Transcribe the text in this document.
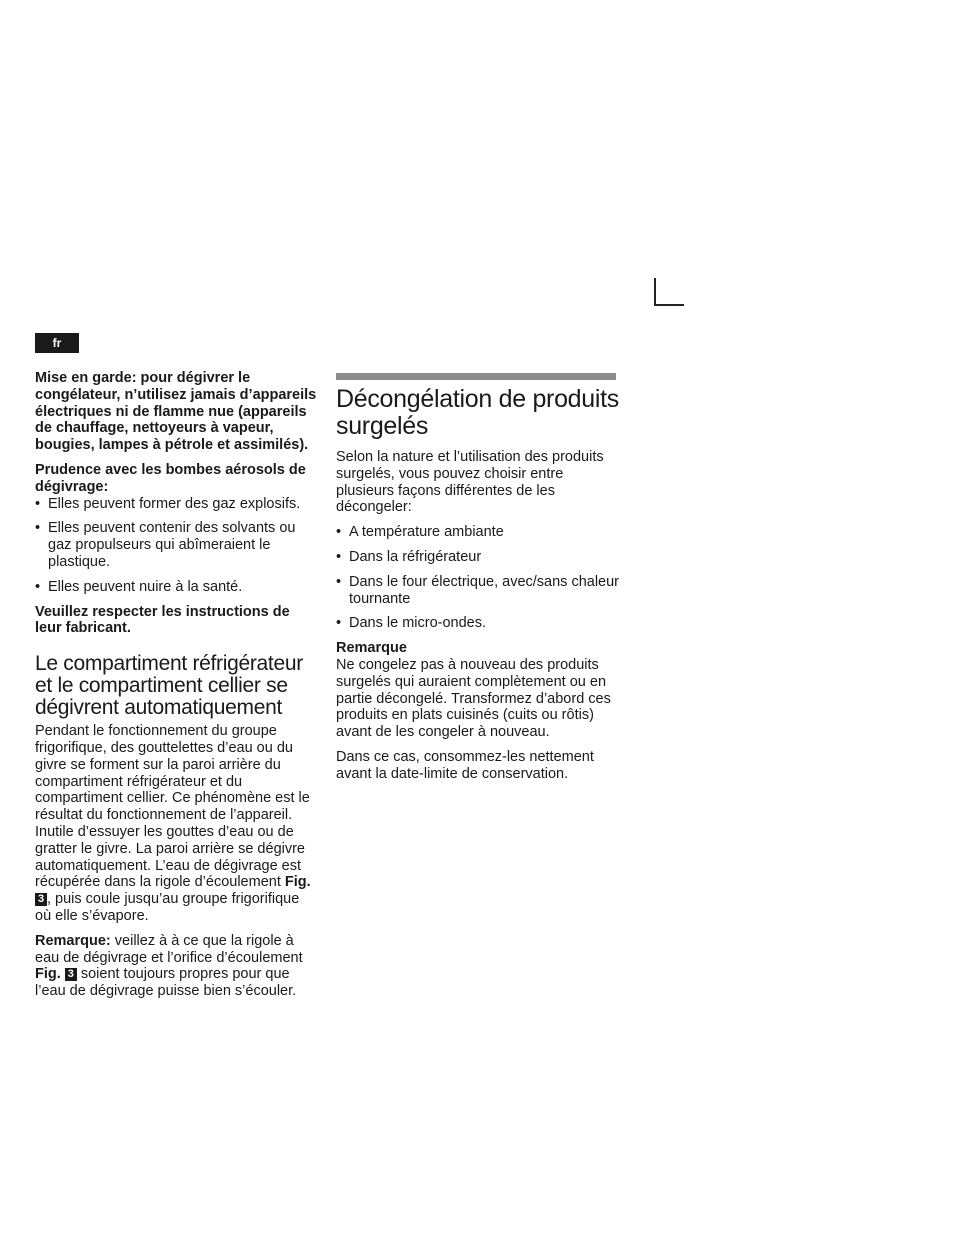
fr

Mise en garde: pour dégivrer le congélateur, n’utilisez jamais d’appareils électriques ni de flamme nue (appareils de chauffage, nettoyeurs à vapeur, bougies, lampes à pétrole et assimilés).

Prudence avec les bombes aérosols de dégivrage:

• Elles peuvent former des gaz explosifs.
• Elles peuvent contenir des solvants ou gaz propulseurs qui abîmeraient le plastique.
• Elles peuvent nuire à la santé.

Veuillez respecter les instructions de leur fabricant.

Le compartiment réfrigérateur et le compartiment cellier se dégivrent automatiquement

Pendant le fonctionnement du groupe frigorifique, des gouttelettes d’eau ou du givre se forment sur la paroi arrière du compartiment réfrigérateur et du compartiment cellier. Ce phénomène est le résultat du fonctionnement de l’appareil. Inutile d’essuyer les gouttes d’eau ou de gratter le givre. La paroi arrière se dégivre automatiquement. L’eau de dégivrage est récupérée dans la rigole d’écoulement Fig. 3 , puis coule jusqu’au groupe frigorifique où elle s’évapore.

Remarque: veillez à à ce que la rigole à eau de dégivrage et l’orifice d’écoulement Fig. 3 soient toujours propres pour que l’eau de dégivrage puisse bien s’écouler.

Décongélation de produits surgelés

Selon la nature et l’utilisation des produits surgelés, vous pouvez choisir entre plusieurs façons différentes de les décongeler:

• A température ambiante
• Dans la réfrigérateur
• Dans le four électrique, avec/sans chaleur tournante
• Dans le micro-ondes.

Remarque

Ne congelez pas à nouveau des produits surgelés qui auraient complètement ou en partie décongelé. Transformez d’abord ces produits en plats cuisinés (cuits ou rôtis) avant de les congeler à nouveau.

Dans ce cas, consommez-les nettement avant la date-limite de conservation.
